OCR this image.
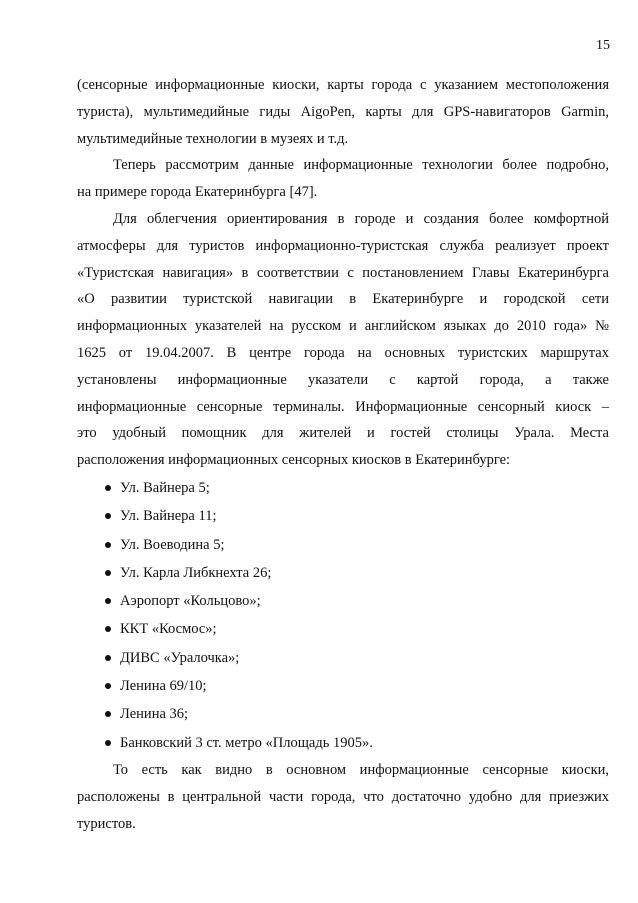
15
(сенсорные информационные киоски, карты города с указанием местоположения
туриста), мультимедийные гиды AigoPen, карты для GPS-навигаторов Garmin,
мультимедийные технологии в музеях и т.д.
Теперь рассмотрим данные информационные технологии более подробно,
на примере города Екатеринбурга [47].
Для облегчения ориентирования в городе и создания более комфортной
атмосферы для туристов информационно-туристская служба реализует проект
«Туристская навигация» в соответствии с постановлением Главы Екатеринбурга
«О развитии туристской навигации в Екатеринбурге и городской сети
информационных указателей на русском и английском языках до 2010 года» №
1625 от 19.04.2007. В центре города на основных туристских маршрутах
установлены информационные указатели с картой города, а также
информационные сенсорные терминалы. Информационные сенсорный киоск –
это удобный помощник для жителей и гостей столицы Урала. Места
расположения информационных сенсорных киосков в Екатеринбурге:
Ул. Вайнера 5;
Ул. Вайнера 11;
Ул. Воеводина 5;
Ул. Карла Либкнехта 26;
Аэропорт «Кольцово»;
ККТ «Космос»;
ДИВС «Уралочка»;
Ленина 69/10;
Ленина 36;
Банковский 3 ст. метро «Площадь 1905».
То есть как видно в основном информационные сенсорные киоски,
расположены в центральной части города, что достаточно удобно для приезжих
туристов.
